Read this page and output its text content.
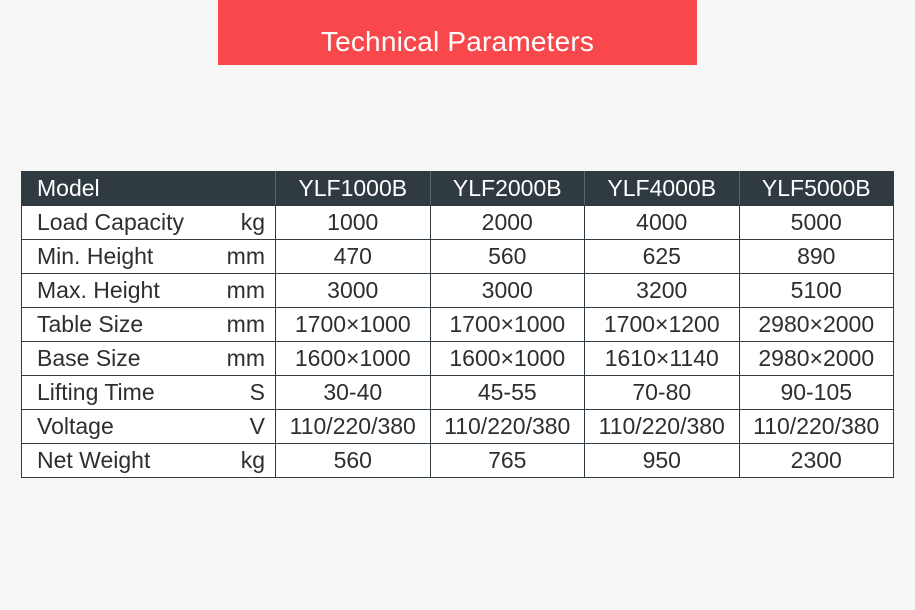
Technical Parameters
Model	YLF1000B	YLF2000B	YLF4000B	YLF5000B

Load Capacity kg	1000	2000	4000	5000

Min. Height mm	470	560	625	890

Max. Height mm	3000	3000	3200	5100

Table Size mm	1700×1000	1700×1000	1700×1200	2980×2000

Base Size mm	1600×1000	1600×1000	1610×1140	2980×2000

Lifting Time S	30-40	45-55	70-80	90-105

Voltage V	110/220/380	110/220/380	110/220/380	110/220/380

Net Weight kg	560	765	950	2300
